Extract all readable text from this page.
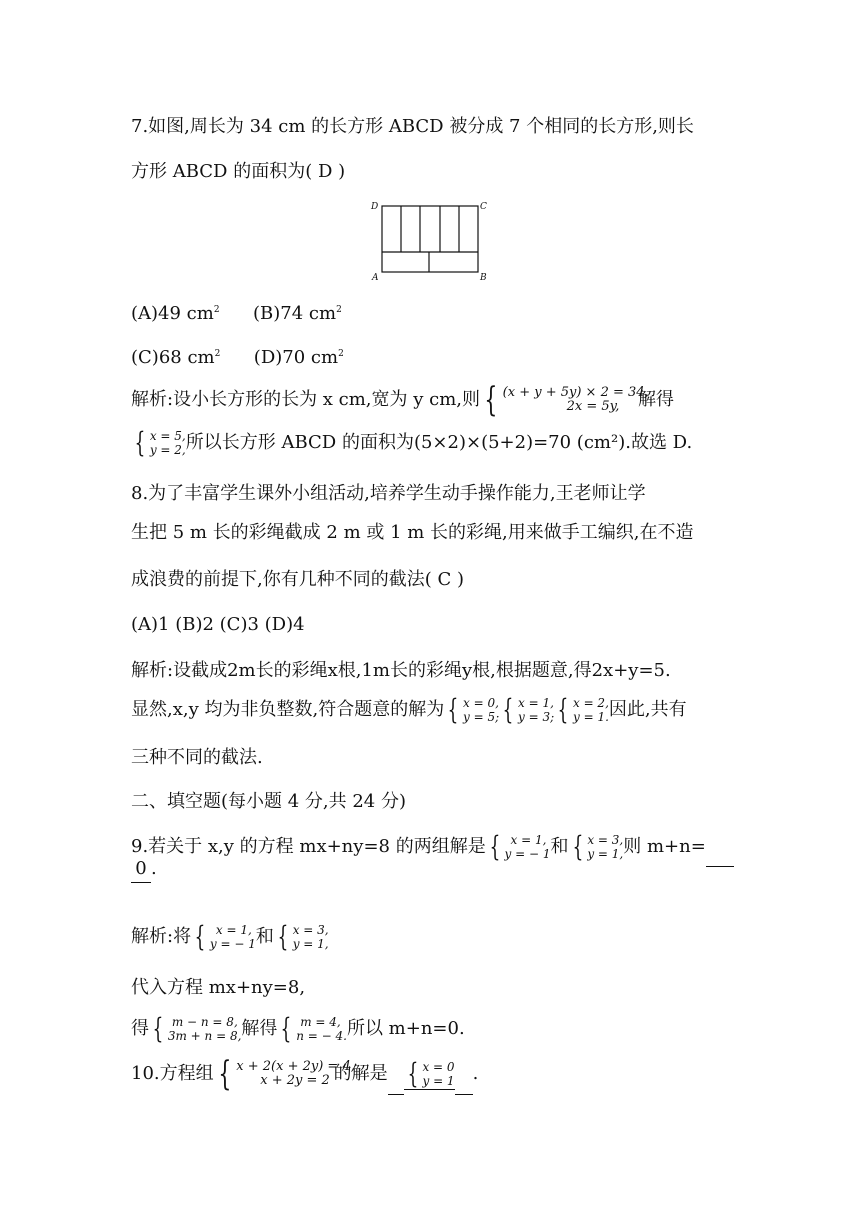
7.如图,周长为 34 cm 的长方形 ABCD 被分成 7 个相同的长方形,则长
方形 ABCD 的面积为( D )
D	C
A	B
(A)49 $cm^2$ (B)74 $cm^2$
(C)68 $cm^2$ (D)70 $cm^2$
解析:设小长方形的长为 x cm,宽为 y cm,则 { (x + y + 5y) × 2 = 34,
2x = 5y,	解得
{ x = 5,
y = 2, 所以长方形 ABCD 的面积为(5×2)×(5+2)=70 (cm²).故选 D.
8.为了丰富学生课外小组活动,培养学生动手操作能力,王老师让学
生把 5 m 长的彩绳截成 2 m 或 1 m 长的彩绳,用来做手工编织,在不造
成浪费的前提下,你有几种不同的截法( C )
(A)1 (B)2 (C)3 (D)4
解析:设截成2m长的彩绳x根,1m长的彩绳y根,根据题意,得2x+y=5.
显然,x,y 均为非负整数,符合题意的解为 { x = 0,
y = 5; { x = 1,
y = 3; { x = 2,
y = 1. 因此,共有
三种不同的截法.
二、填空题(每小题 4 分,共 24 分)
9.若关于 x,y 的方程 mx+ny=8 的两组解是 { x = 1,
y = − 1 和 { x = 3,
y = 1, 则 m+n=
0 .
解析:将 { x = 1,
y = − 1 和 { x = 3,
y = 1,
代入方程 mx+ny=8,
得 { m − n = 8,
3m + n = 8, 解得 { m = 4,
n = − 4. 所以 m+n=0.
10.方程组 { x + 2(x + 2y) = 4,
x + 2y = 2 的解是 { x = 0
y = 1 .
